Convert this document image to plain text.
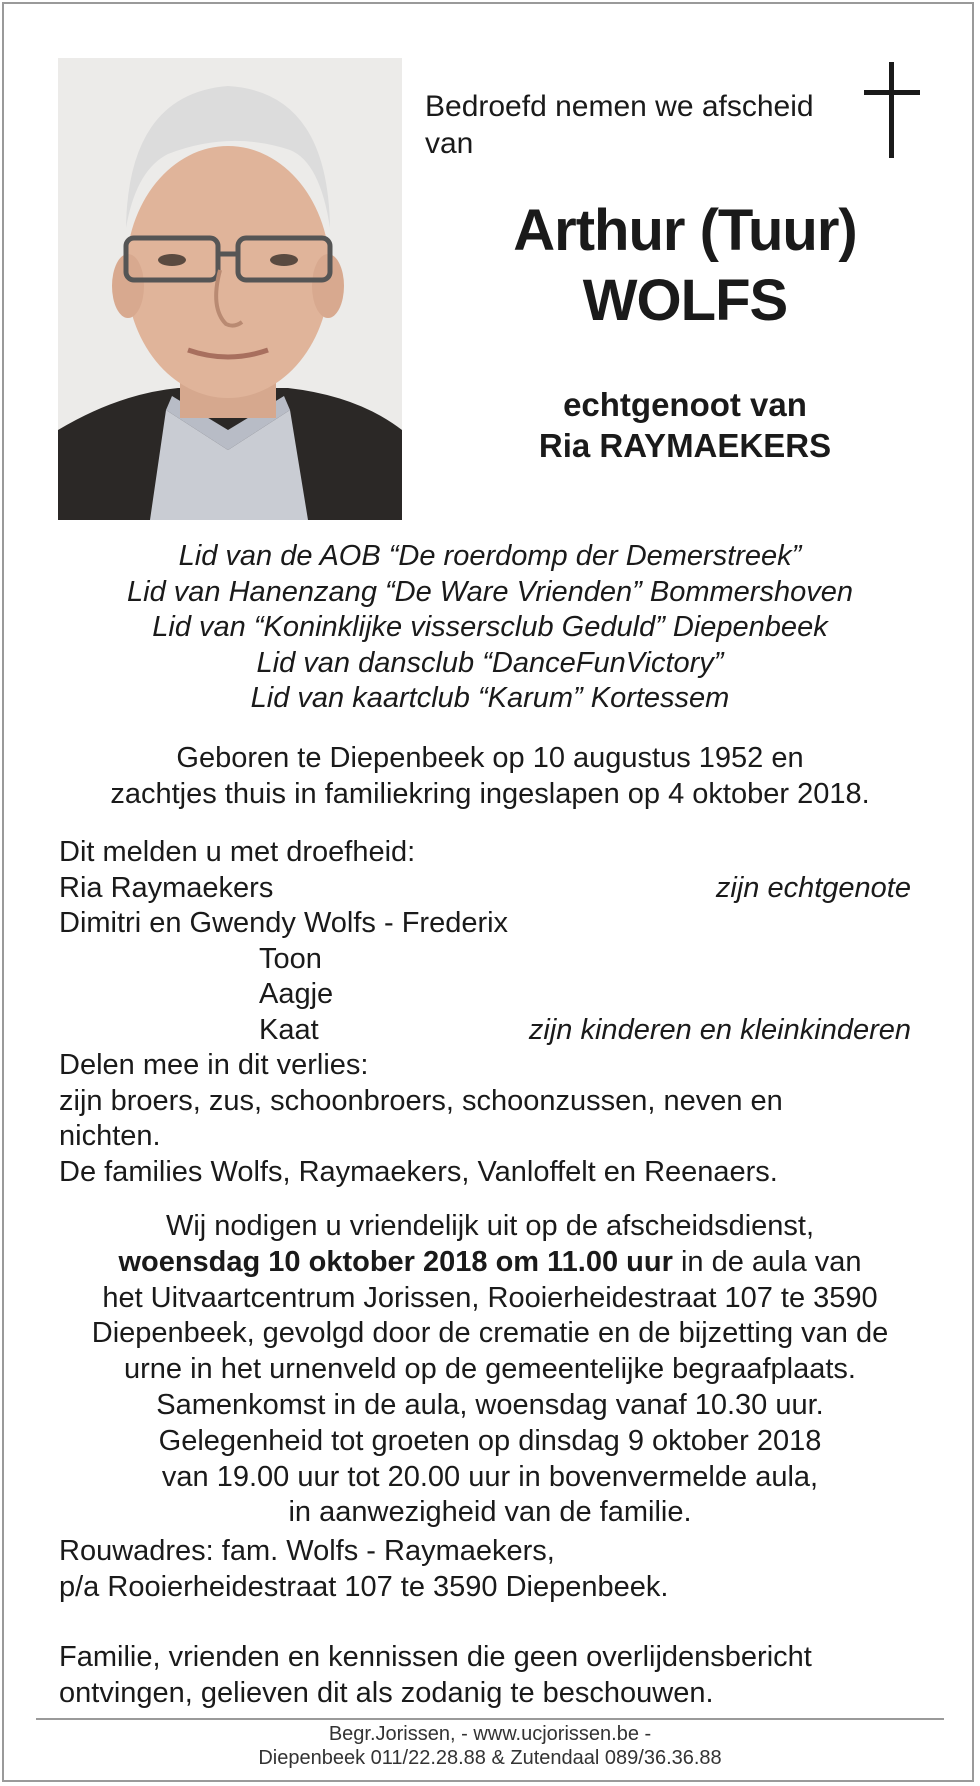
Bedroefd nemen we afscheid
van
Arthur (Tuur)
WOLFS
echtgenoot van
Ria RAYMAEKERS
Lid van de AOB “De roerdomp der Demerstreek”
Lid van Hanenzang “De Ware Vrienden” Bommershoven
Lid van “Koninklijke vissersclub Geduld” Diepenbeek
Lid van dansclub “DanceFunVictory”
Lid van kaartclub “Karum” Kortessem
Geboren te Diepenbeek op 10 augustus 1952 en
zachtjes thuis in familiekring ingeslapen op 4 oktober 2018.
Dit melden u met droefheid:
Ria Raymaekers	zijn echtgenote
Dimitri en Gwendy Wolfs - Frederix
Toon
Aagje
Kaat	zijn kinderen en kleinkinderen
Delen mee in dit verlies:
zijn broers, zus, schoonbroers, schoonzussen, neven en
nichten.
De families Wolfs, Raymaekers, Vanloffelt en Reenaers.
Wij nodigen u vriendelijk uit op de afscheidsdienst,
woensdag 10 oktober 2018 om 11.00 uur in de aula van
het Uitvaartcentrum Jorissen, Rooierheidestraat 107 te 3590
Diepenbeek, gevolgd door de crematie en de bijzetting van de
urne in het urnenveld op de gemeentelijke begraafplaats.
Samenkomst in de aula, woensdag vanaf 10.30 uur.
Gelegenheid tot groeten op dinsdag 9 oktober 2018
van 19.00 uur tot 20.00 uur in bovenvermelde aula,
in aanwezigheid van de familie.
Rouwadres: fam. Wolfs - Raymaekers,
p/a Rooierheidestraat 107 te 3590 Diepenbeek.
Familie, vrienden en kennissen die geen overlijdensbericht
ontvingen, gelieven dit als zodanig te beschouwen.
Begr.Jorissen, - www.ucjorissen.be -
Diepenbeek 011/22.28.88 & Zutendaal 089/36.36.88
